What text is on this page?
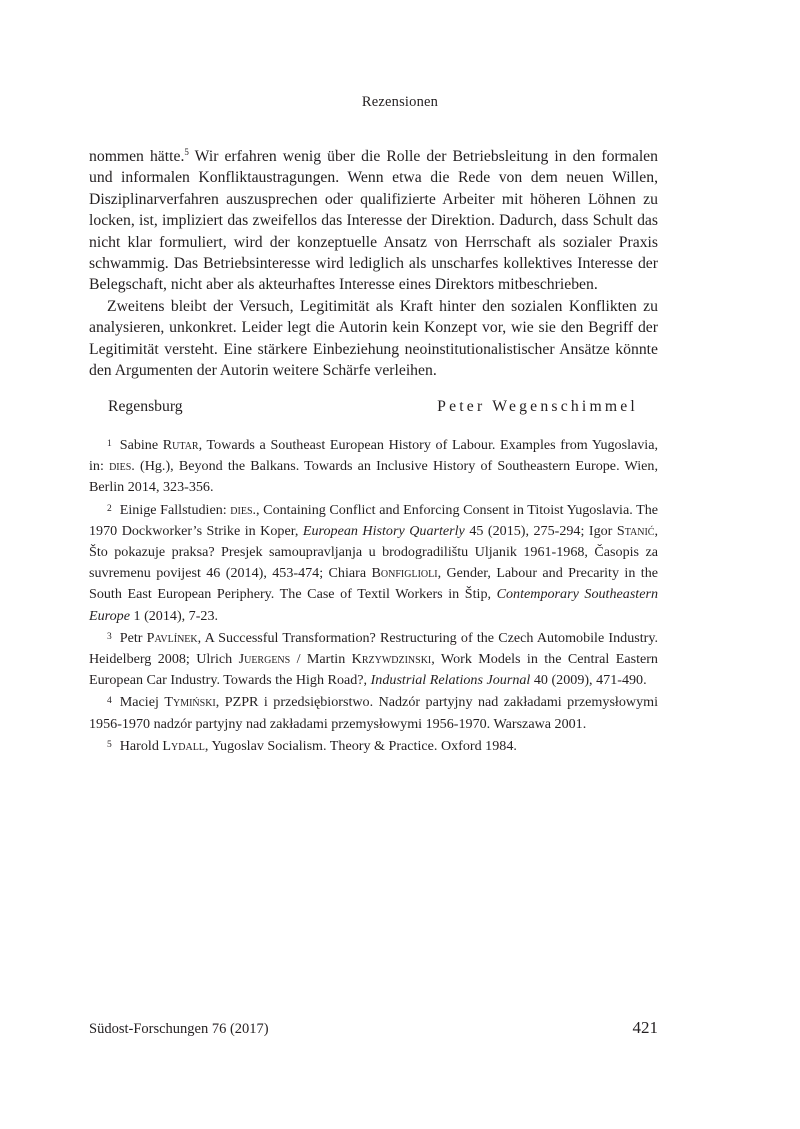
Rezensionen

nommen hätte.$^5$ Wir erfahren wenig über die Rolle der Betriebsleitung in den formalen und informalen Konfliktaustragungen. Wenn etwa die Rede von dem neuen Willen, Disziplinarverfahren auszusprechen oder qualifizierte Arbeiter mit höheren Löhnen zu locken, ist, impliziert das zweifellos das Interesse der Direktion. Dadurch, dass Schult das nicht klar formuliert, wird der konzeptuelle Ansatz von Herrschaft als sozialer Praxis schwammig. Das Betriebsinteresse wird lediglich als unscharfes kollektives Interesse der Belegschaft, nicht aber als akteurhaftes Interesse eines Direktors mitbeschrieben.

Zweitens bleibt der Versuch, Legitimität als Kraft hinter den sozialen Konflikten zu analysieren, unkonkret. Leider legt die Autorin kein Konzept vor, wie sie den Begriff der Legitimität versteht. Eine stärkere Einbeziehung neoinstitutionalistischer Ansätze könnte den Argumenten der Autorin weitere Schärfe verleihen.

Regensburg	Peter Wegenschimmel

$^1$ Sabine Rutar, Towards a Southeast European History of Labour. Examples from Yugoslavia, in: dies. (Hg.), Beyond the Balkans. Towards an Inclusive History of Southeastern Europe. Wien, Berlin 2014, 323-356.

$^2$ Einige Fallstudien: dies., Containing Conflict and Enforcing Consent in Titoist Yugoslavia. The 1970 Dockworker’s Strike in Koper, European History Quarterly 45 (2015), 275-294; Igor Stanić, Što pokazuje praksa? Presjek samoupravljanja u brodogradilištu Uljanik 1961-1968, Časopis za suvremenu povijest 46 (2014), 453-474; Chiara Bonfiglioli, Gender, Labour and Precarity in the South East European Periphery. The Case of Textil Workers in Štip, Contemporary Southeastern Europe 1 (2014), 7-23.

$^3$ Petr Pavlínek, A Successful Transformation? Restructuring of the Czech Automobile Industry. Heidelberg 2008; Ulrich Juergens / Martin Krzywdzinski, Work Models in the Central Eastern European Car Industry. Towards the High Road?, Industrial Relations Journal 40 (2009), 471-490.

$^4$ Maciej Tymiński, PZPR i przedsiębiorstwo. Nadzór partyjny nad zakładami przemysłowymi 1956-1970 nadzór partyjny nad zakładami przemysłowymi 1956-1970. Warszawa 2001.

$^5$ Harold Lydall, Yugoslav Socialism. Theory & Practice. Oxford 1984.

Südost-Forschungen 76 (2017)	421
